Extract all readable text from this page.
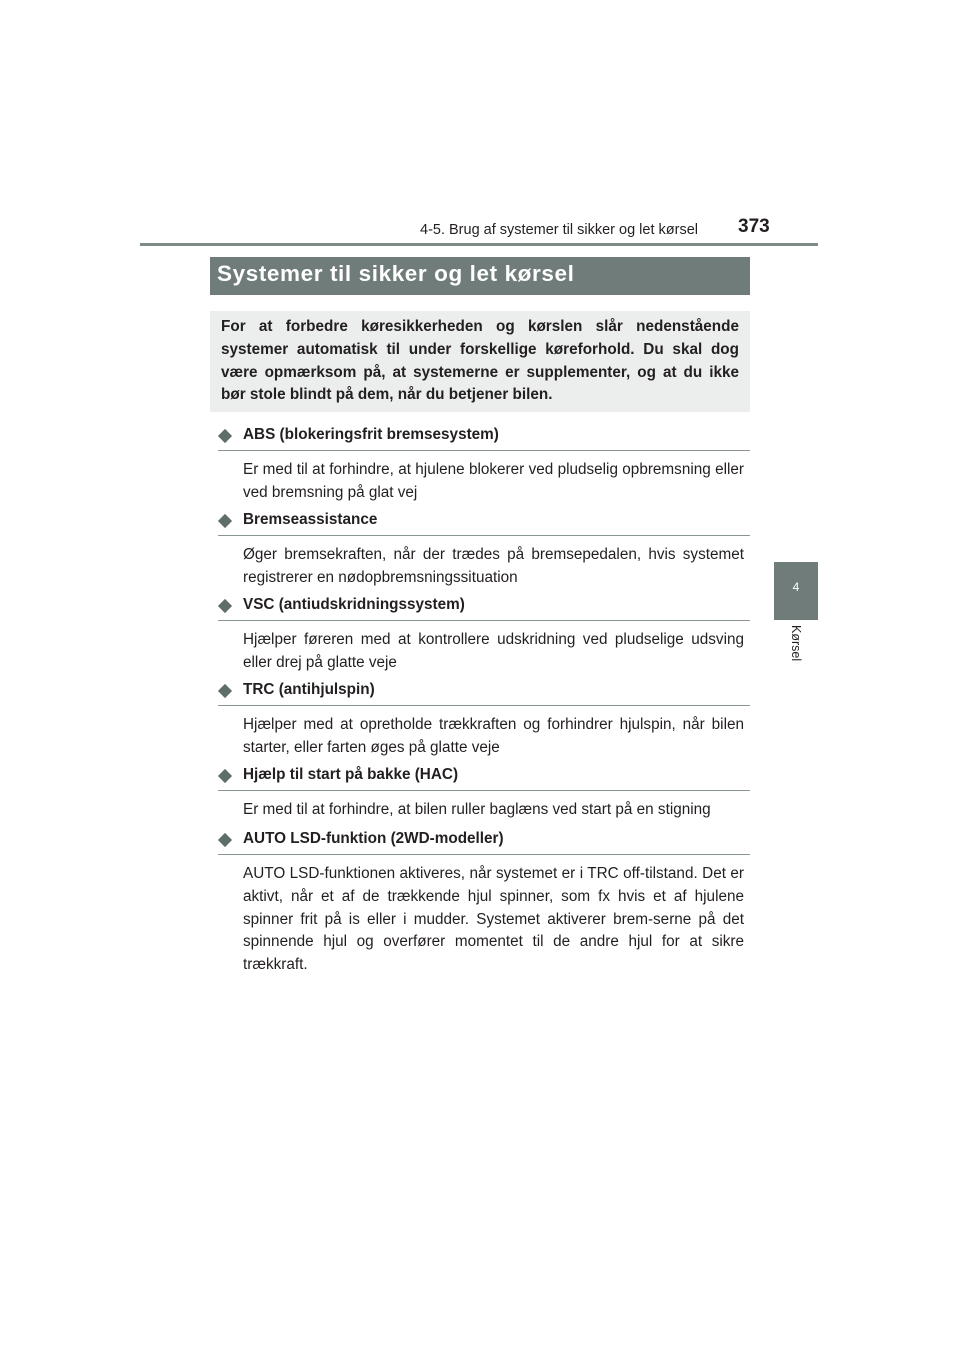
4-5. Brug af systemer til sikker og let kørsel 373
4
Kørsel
Systemer til sikker og let kørsel

For at forbedre køresikkerheden og kørslen slår nedenstående systemer automatisk til under forskellige køreforhold. Du skal dog være opmærksom på, at systemerne er supplementer, og at du ikke bør stole blindt på dem, når du betjener bilen.

ABS (blokeringsfrit bremsesystem)
Er med til at forhindre, at hjulene blokerer ved pludselig opbremsning eller ved bremsning på glat vej
Bremseassistance
Øger bremsekraften, når der trædes på bremsepedalen, hvis systemet registrerer en nødopbremsningssituation
VSC (antiudskridningssystem)
Hjælper føreren med at kontrollere udskridning ved pludselige udsving eller drej på glatte veje
TRC (antihjulspin)
Hjælper med at opretholde trækkraften og forhindrer hjulspin, når bilen starter, eller farten øges på glatte veje
Hjælp til start på bakke (HAC)
Er med til at forhindre, at bilen ruller baglæns ved start på en stigning
AUTO LSD-funktion (2WD-modeller)
AUTO LSD-funktionen aktiveres, når systemet er i TRC off-tilstand. Det er aktivt, når et af de trækkende hjul spinner, som fx hvis et af hjulene spinner frit på is eller i mudder. Systemet aktiverer brem-serne på det spinnende hjul og overfører momentet til de andre hjul for at sikre trækkraft.
